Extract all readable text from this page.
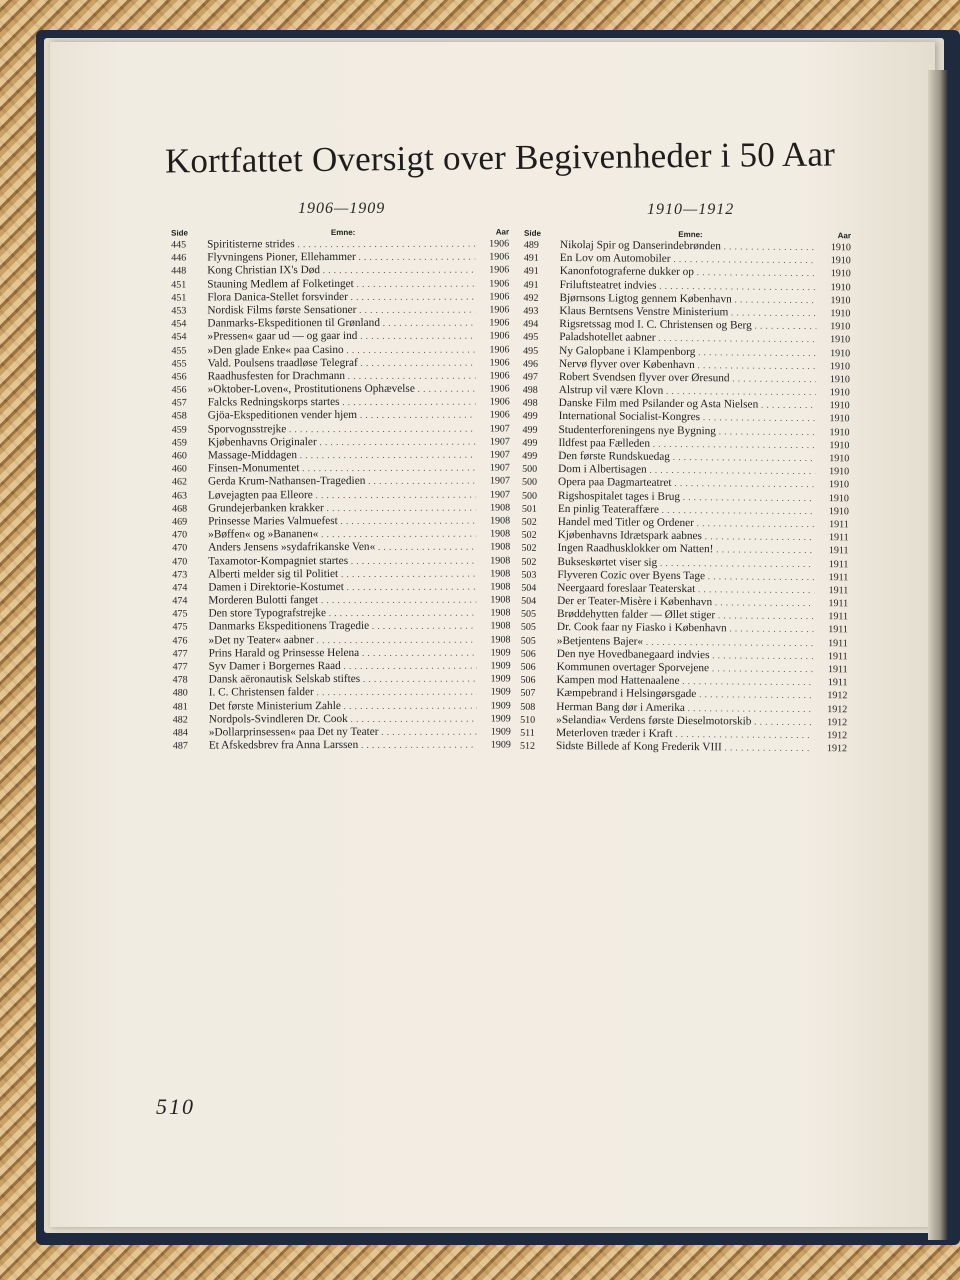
Kortfattet Oversigt over Begivenheder i 50 Aar
1906—1909	1910—1912
Side	Emne:	Aar
445	Spiritisterne strides . . .	1906
446	Flyvningens Pioner, Ellehammer . . .	1906
448	Kong Christian IX's Død . . .	1906
451	Stauning Medlem af Folketinget . . .	1906
451	Flora Danica-Stellet forsvinder . . .	1906
453	Nordisk Films første Sensationer . . .	1906
454	Danmarks-Ekspeditionen til Grønland . . .	1906
454	»Pressen« gaar ud — og gaar ind . . .	1906
455	»Den glade Enke« paa Casino . . .	1906
455	Vald. Poulsens traadløse Telegraf . . .	1906
456	Raadhusfesten for Drachmann . . .	1906
456	»Oktober-Loven«, Prostitutionens Ophævelse . . .	1906
457	Falcks Redningskorps startes . . .	1906
458	Gjöa-Ekspeditionen vender hjem . . .	1906
459	Sporvognsstrejke . . .	1907
459	Kjøbenhavns Originaler . . .	1907
460	Massage-Middagen . . .	1907
460	Finsen-Monumentet . . .	1907
462	Gerda Krum-Nathansen-Tragedien . . .	1907
463	Løvejagten paa Elleore . . .	1907
468	Grundejerbanken krakker . . .	1908
469	Prinsesse Maries Valmuefest . . .	1908
470	»Bøffen« og »Bananen« . . .	1908
470	Anders Jensens »sydafrikanske Ven« . . .	1908
470	Taxamotor-Kompagniet startes . . .	1908
473	Alberti melder sig til Politiet . . .	1908
474	Damen i Direktorie-Kostumet . . .	1908
474	Morderen Bulotti fanget . . .	1908
475	Den store Typografstrejke . . .	1908
475	Danmarks Ekspeditionens Tragedie . . .	1908
476	»Det ny Teater« aabner . . .	1908
477	Prins Harald og Prinsesse Helena . . .	1909
477	Syv Damer i Borgernes Raad . . .	1909
478	Dansk aëronautisk Selskab stiftes . . .	1909
480	I. C. Christensen falder . . .	1909
481	Det første Ministerium Zahle . . .	1909
482	Nordpols-Svindleren Dr. Cook . . .	1909
484	»Dollarprinsessen« paa Det ny Teater . . .	1909
487	Et Afskedsbrev fra Anna Larssen . . .	1909
Side	Emne:	Aar
489	Nikolaj Spir og Danserindebrønden . . .	1910
491	En Lov om Automobiler . . .	1910
491	Kanonfotograferne dukker op . . .	1910
491	Friluftsteatret indvies . . .	1910
492	Bjørnsons Ligtog gennem København . . .	1910
493	Klaus Berntsens Venstre Ministerium . . .	1910
494	Rigsretssag mod I. C. Christensen og Berg . . .	1910
495	Paladshotellet aabner . . .	1910
495	Ny Galopbane i Klampenborg . . .	1910
496	Nervø flyver over København . . .	1910
497	Robert Svendsen flyver over Øresund . . .	1910
498	Alstrup vil være Klovn . . .	1910
498	Danske Film med Psilander og Asta Nielsen . . .	1910
499	International Socialist-Kongres . . .	1910
499	Studenterforeningens nye Bygning . . .	1910
499	Ildfest paa Fælleden . . .	1910
499	Den første Rundskuedag . . .	1910
500	Dom i Albertisagen . . .	1910
500	Opera paa Dagmarteatret . . .	1910
500	Rigshospitalet tages i Brug . . .	1910
501	En pinlig Teateraffære . . .	1910
502	Handel med Titler og Ordener . . .	1911
502	Kjøbenhavns Idrætspark aabnes . . .	1911
502	Ingen Raadhusklokker om Natten! . . .	1911
502	Bukseskørtet viser sig . . .	1911
503	Flyveren Cozic over Byens Tage . . .	1911
504	Neergaard foreslaar Teaterskat . . .	1911
504	Der er Teater-Misère i København . . .	1911
505	Brøddehytten falder — Øllet stiger . . .	1911
505	Dr. Cook faar ny Fiasko i København . . .	1911
505	»Betjentens Bajer« . . .	1911
506	Den nye Hovedbanegaard indvies . . .	1911
506	Kommunen overtager Sporvejene . . .	1911
506	Kampen mod Hattenaalene . . .	1911
507	Kæmpebrand i Helsingørsgade . . .	1912
508	Herman Bang dør i Amerika . . .	1912
510	»Selandia« Verdens første Dieselmotorskib . . .	1912
511	Meterloven træder i Kraft . . .	1912
512	Sidste Billede af Kong Frederik VIII . . .	1912
510
